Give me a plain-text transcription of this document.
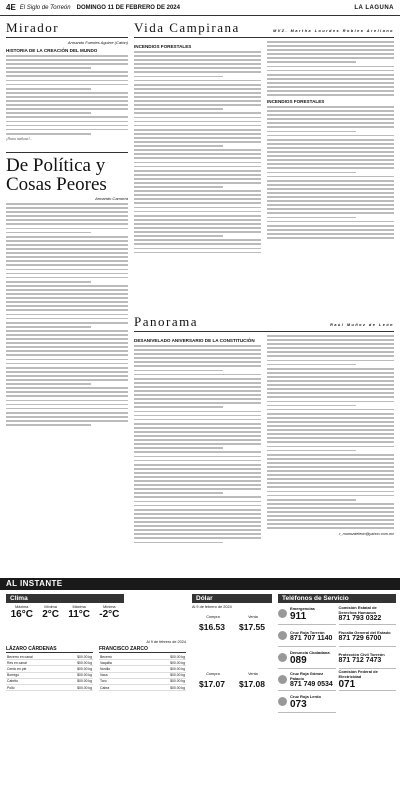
4E El Siglo de Torreón DOMINGO 11 DE FEBRERO DE 2024	LA LAGUNA
Mirador
Armando Fuentes Aguirre (Catón)
HISTORIA DE LA CREACIÓN DEL MUNDO
¡Hasta mañana!...
De Política y
Cosas Peores
Armando Camorra
Vida Campirana	MVZ. Martha Lourdes Robles Arellano
INCENDIOS FORESTALES
INCENDIOS FORESTALES
Panorama	Raúl Muñoz de León
DESANIVELADO ANIVERSARIO DE LA CONSTITUCIÓN
r_munozdeleon@yahoo.com.mx
AL INSTANTE
Clima
Máxima
16°C
Mínima
2°C
Máxima
11°C
Mínima
-2°C
Al 9 de febrero de 2024
LÁZARO CÁRDENAS
Becerro en canal	$00.00 kg
Res en canal	$00.00 kg
Cerdo en pie	$00.00 kg
Borrego	$00.00 kg
Cabrito	$00.00 kg
Pollo	$00.00 kg
FRANCISCO ZARCO
Becerro	$00.00 kg
Vaquilla	$00.00 kg
Novillo	$00.00 kg
Vaca	$00.00 kg
Toro	$00.00 kg
Cabra	$00.00 kg
Dólar
Al 9 de febrero de 2024
Compra	Venta
$16.53 $17.55
Compra	Venta
$17.07 $17.08
Teléfonos de Servicio
Emergencias
911
Cruz Roja Torreón
871 707 1140
Denuncia Ciudadana
089
Cruz Roja Gómez Palacio
871 749 0534
Cruz Roja Lerdo
073
Comisión Estatal de Derechos Humanos
871 793 0322
Fiscalía General del Estado
871 729 6700
Protección Civil Torreón
871 712 7473
Comisión Federal de Electricidad
071
